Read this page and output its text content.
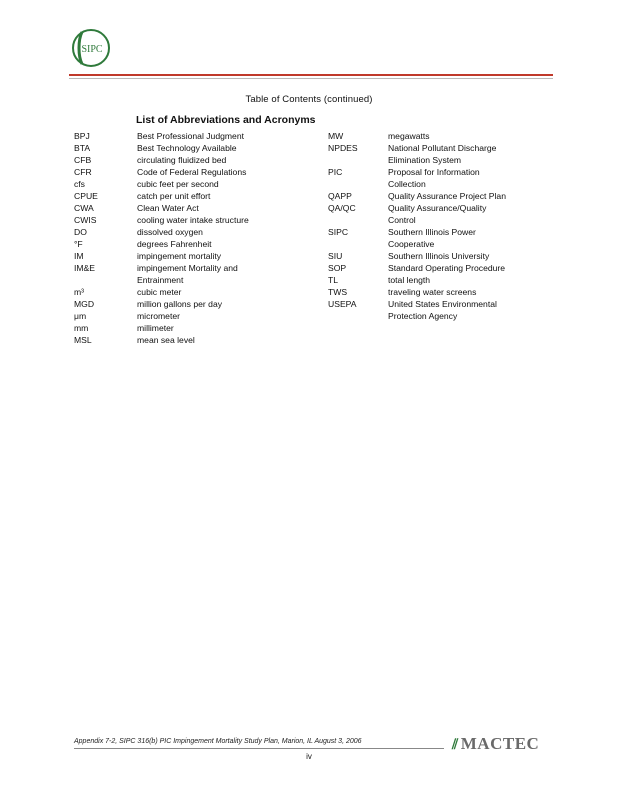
SIPC
Table of Contents (continued)
List of Abbreviations and Acronyms
BPJ	Best Professional Judgment
BTA	Best Technology Available
CFB	circulating fluidized bed
CFR	Code of Federal Regulations
cfs	cubic feet per second
CPUE	catch per unit effort
CWA	Clean Water Act
CWIS	cooling water intake structure
DO	dissolved oxygen
°F	degrees Fahrenheit
IM	impingement mortality
IM&E	impingement Mortality and
Entrainment
m³	cubic meter
MGD	million gallons per day
μm	micrometer
mm	millimeter
MSL	mean sea level
MW	megawatts
NPDES	National Pollutant Discharge
Elimination System
PIC	Proposal for Information
Collection
QAPP	Quality Assurance Project Plan
QA/QC	Quality Assurance/Quality
Control
SIPC	Southern Illinois Power
Cooperative
SIU	Southern Illinois University
SOP	Standard Operating Procedure
TL	total length
TWS	traveling water screens
USEPA	United States Environmental
Protection Agency
Appendix 7-2, SIPC 316(b) PIC Impingement Mortality Study Plan, Marion, IL August 3, 2006
iv
⫽ MACTEC
